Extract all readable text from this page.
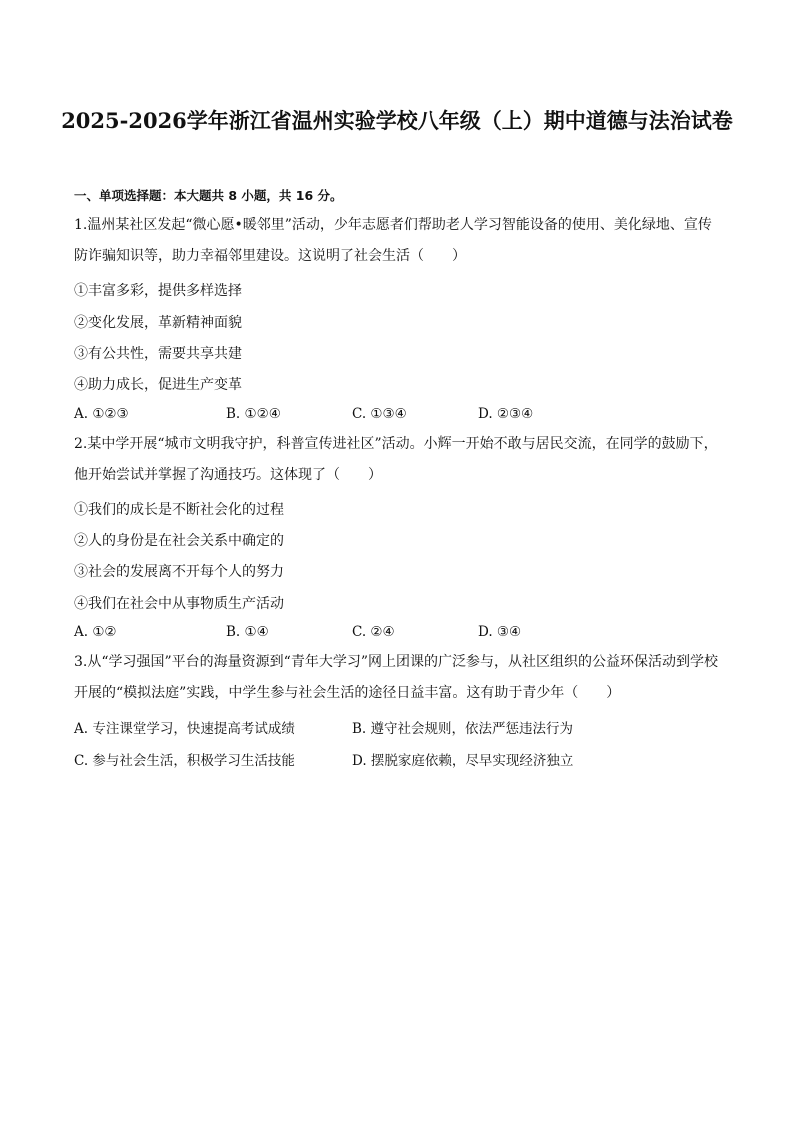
2025-2026学年浙江省温州实验学校八年级（上）期中道德与法治试卷
一、单项选择题：本大题共 8 小题，共 16 分。
1.温州某社区发起“微心愿•暖邻里”活动，少年志愿者们帮助老人学习智能设备的使用、美化绿地、宣传防诈骗知识等，助力幸福邻里建设。这说明了社会生活（　　）
①丰富多彩，提供多样选择
②变化发展，革新精神面貌
③有公共性，需要共享共建
④助力成长，促进生产变革
A. ①②③	B. ①②④	C. ①③④	D. ②③④
2.某中学开展“城市文明我守护，科普宣传进社区”活动。小辉一开始不敢与居民交流，在同学的鼓励下，他开始尝试并掌握了沟通技巧。这体现了（　　）
①我们的成长是不断社会化的过程
②人的身份是在社会关系中确定的
③社会的发展离不开每个人的努力
④我们在社会中从事物质生产活动
A. ①②	B. ①④	C. ②④	D. ③④
3.从“学习强国”平台的海量资源到“青年大学习”网上团课的广泛参与，从社区组织的公益环保活动到学校开展的“模拟法庭”实践，中学生参与社会生活的途径日益丰富。这有助于青少年（　　）
A. 专注课堂学习，快速提高考试成绩	B. 遵守社会规则，依法严惩违法行为
C. 参与社会生活，积极学习生活技能	D. 摆脱家庭依赖，尽早实现经济独立
